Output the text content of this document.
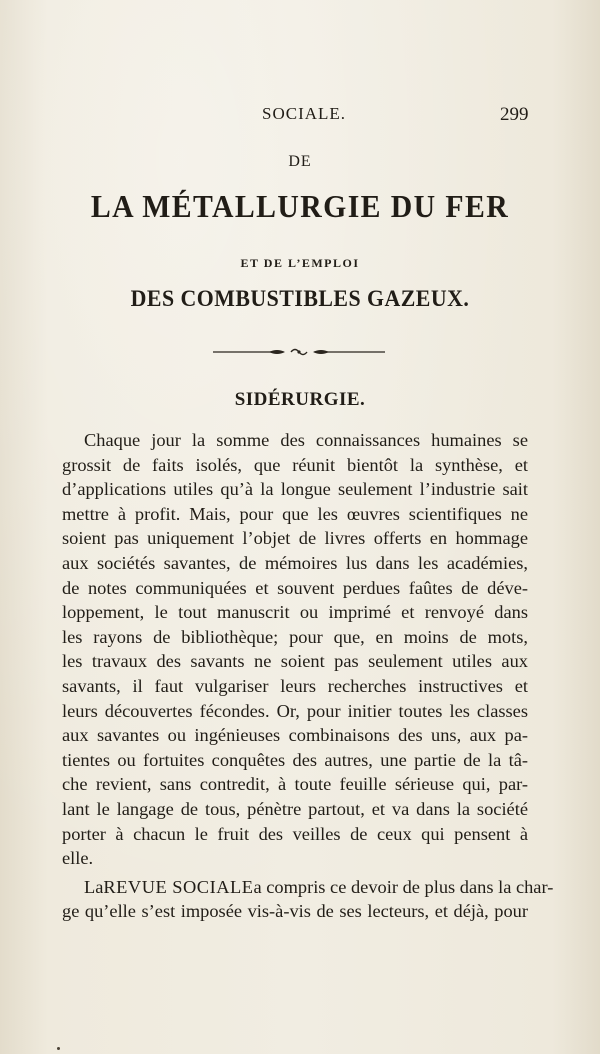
SOCIALE.	299
DE
LA MÉTALLURGIE DU FER
ET DE L’EMPLOI
DES COMBUSTIBLES GAZEUX.
SIDÉRURGIE.
Chaque jour la somme des connaissances humaines se
grossit de faits isolés, que réunit bientôt la synthèse, et
d’applications utiles qu’à la longue seulement l’industrie sait
mettre à profit. Mais, pour que les œuvres scientifiques ne
soient pas uniquement l’objet de livres offerts en hommage
aux sociétés savantes, de mémoires lus dans les académies,
de notes communiquées et souvent perdues faûtes de déve-
loppement, le tout manuscrit ou imprimé et renvoyé dans
les rayons de bibliothèque; pour que, en moins de mots,
les travaux des savants ne soient pas seulement utiles aux
savants, il faut vulgariser leurs recherches instructives et
leurs découvertes fécondes. Or, pour initier toutes les classes
aux savantes ou ingénieuses combinaisons des uns, aux pa-
tientes ou fortuites conquêtes des autres, une partie de la tâ-
che revient, sans contredit, à toute feuille sérieuse qui, par-
lant le langage de tous, pénètre partout, et va dans la société
porter à chacun le fruit des veilles de ceux qui pensent à
elle.
LaREVUE SOCIALEa compris ce devoir de plus dans la char-
ge qu’elle s’est imposée vis-à-vis de ses lecteurs, et déjà, pour
